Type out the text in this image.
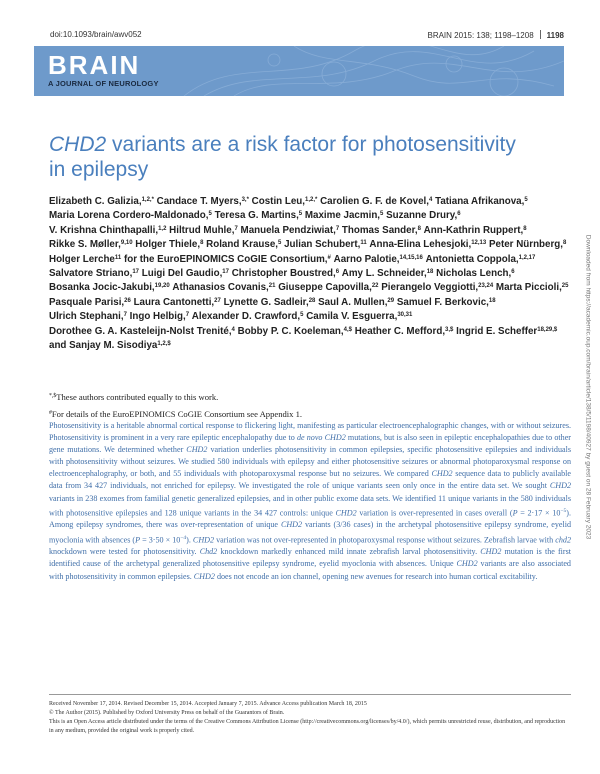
doi:10.1093/brain/awv052	BRAIN 2015: 138; 1198–1208 1198
BRAIN
A JOURNAL OF NEUROLOGY
CHD2 variants are a risk factor for photosensitivity in epilepsy
Elizabeth C. Galizia,$^{1,2,*}$ Candace T. Myers,$^{3,*}$ Costin Leu,$^{1,2,*}$ Carolien G. F. de Kovel,$^4$ Tatiana Afrikanova,$^5$ Maria Lorena Cordero-Maldonado,$^5$ Teresa G. Martins,$^5$ Maxime Jacmin,$^5$ Suzanne Drury,$^6$ V. Krishna Chinthapalli,$^{1,2}$ Hiltrud Muhle,$^7$ Manuela Pendziwiat,$^7$ Thomas Sander,$^8$ Ann-Kathrin Ruppert,$^8$ Rikke S. Møller,$^{9,10}$ Holger Thiele,$^8$ Roland Krause,$^5$ Julian Schubert,$^{11}$ Anna-Elina Lehesjoki,$^{12,13}$ Peter Nürnberg,$^8$ Holger Lerche$^{11}$ for the EuroEPINOMICS CoGIE Consortium,# Aarno Palotie,$^{14,15,16}$ Antonietta Coppola,$^{1,2,17}$ Salvatore Striano,$^{17}$ Luigi Del Gaudio,$^{17}$ Christopher Boustred,$^6$ Amy L. Schneider,$^{18}$ Nicholas Lench,$^6$ Bosanka Jocic-Jakubi,$^{19,20}$ Athanasios Covanis,$^{21}$ Giuseppe Capovilla,$^{22}$ Pierangelo Veggiotti,$^{23,24}$ Marta Piccioli,$^{25}$ Pasquale Parisi,$^{26}$ Laura Cantonetti,$^{27}$ Lynette G. Sadleir,$^{28}$ Saul A. Mullen,$^{29}$ Samuel F. Berkovic,$^{18}$ Ulrich Stephani,$^7$ Ingo Helbig,$^7$ Alexander D. Crawford,$^5$ Camila V. Esguerra,$^{30,31}$ Dorothee G. A. Kasteleijn-Nolst Trenité,$^4$ Bobby P. C. Koeleman,$^{4,\$}$ Heather C. Mefford,$^{3,\$}$ Ingrid E. Scheffer$^{18,29,\$}$ and Sanjay M. Sisodiya$^{1,2,\$}$
*,$These authors contributed equally to this work.
#For details of the EuroEPINOMICS CoGIE Consortium see Appendix 1.
Photosensitivity is a heritable abnormal cortical response to flickering light, manifesting as particular electroencephalographic changes, with or without seizures. Photosensitivity is prominent in a very rare epileptic encephalopathy due to de novo CHD2 mutations, but is also seen in epileptic encephalopathies due to other gene mutations. We determined whether CHD2 variation underlies photosensitivity in common epilepsies, specific photosensitive epilepsies and individuals with photosensitivity without seizures. We studied 580 individuals with epilepsy and either photosensitive seizures or abnormal photoparoxysmal response on electroencephalography, or both, and 55 individuals with photoparoxysmal response but no seizures. We compared CHD2 sequence data to publicly available data from 34 427 individuals, not enriched for epilepsy. We investigated the role of unique variants seen only once in the entire data set. We sought CHD2 variants in 238 exomes from familial genetic generalized epilepsies, and in other public exome data sets. We identified 11 unique variants in the 580 individuals with photosensitive epilepsies and 128 unique variants in the 34 427 controls: unique CHD2 variation is over-represented in cases overall $(P = 2\cdot 17 \times 10^{-5})$. Among epilepsy syndromes, there was over-representation of unique CHD2 variants (3/36 cases) in the archetypal photosensitive epilepsy syndrome, eyelid myoclonia with absences $(P = 3\cdot 50 \times 10^{-4})$. CHD2 variation was not over-represented in photoparoxysmal response without seizures. Zebrafish larvae with chd2 knockdown were tested for photosensitivity. Chd2 knockdown markedly enhanced mild innate zebrafish larval photosensitivity. CHD2 mutation is the first identified cause of the archetypal generalized photosensitive epilepsy syndrome, eyelid myoclonia with absences. Unique CHD2 variants are also associated with photosensitivity in common epilepsies. CHD2 does not encode an ion channel, opening new avenues for research into human cortical excitability.
Received November 17, 2014. Revised December 15, 2014. Accepted January 7, 2015. Advance Access publication March 18, 2015
© The Author (2015). Published by Oxford University Press on behalf of the Guarantors of Brain.
This is an Open Access article distributed under the terms of the Creative Commons Attribution License (http://creativecommons.org/licenses/by/4.0/), which permits unrestricted reuse, distribution, and reproduction in any medium, provided the original work is properly cited.
Downloaded from https://academic.oup.com/brain/article/138/5/1198/40927 by guest on 28 February 2023
